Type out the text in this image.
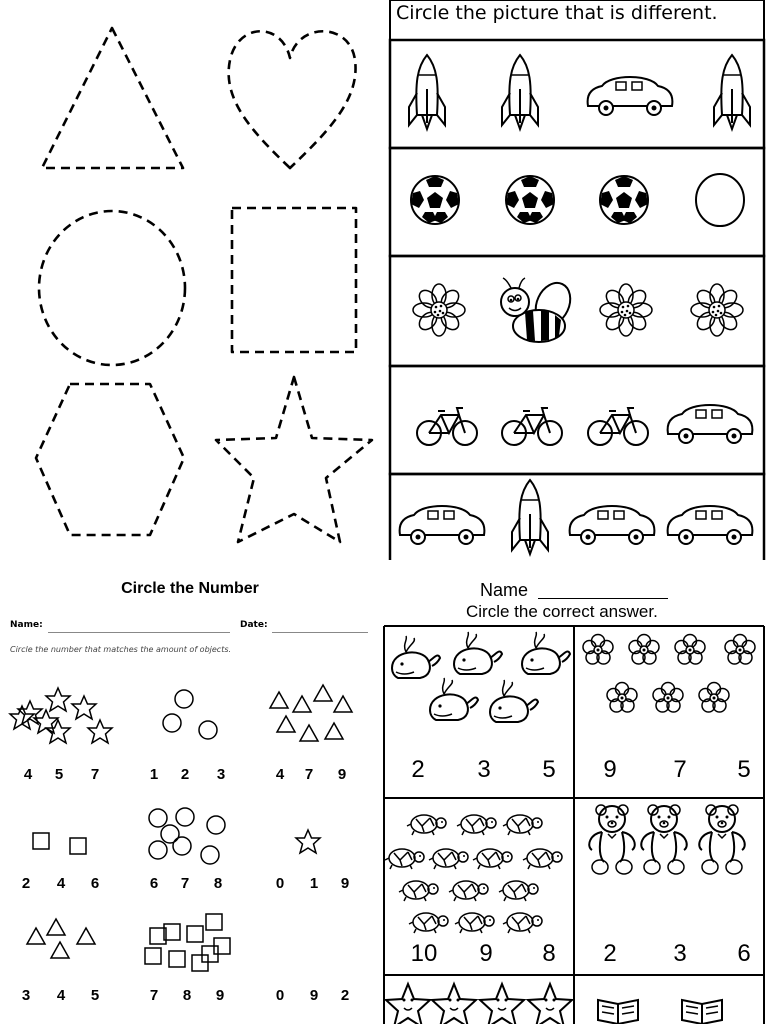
Circle the picture that is different.
Circle the Number
Name:	Date:
Circle the number that matches the amount of objects.
4	5	7	1	2	3	4	7	9
2	4	6	6	7	8	0	1	9
3	4	5	7	8	9	0	9	2
Name
Circle the correct answer.
2	3	5	9	7	5
10	9	8	2	3	6
